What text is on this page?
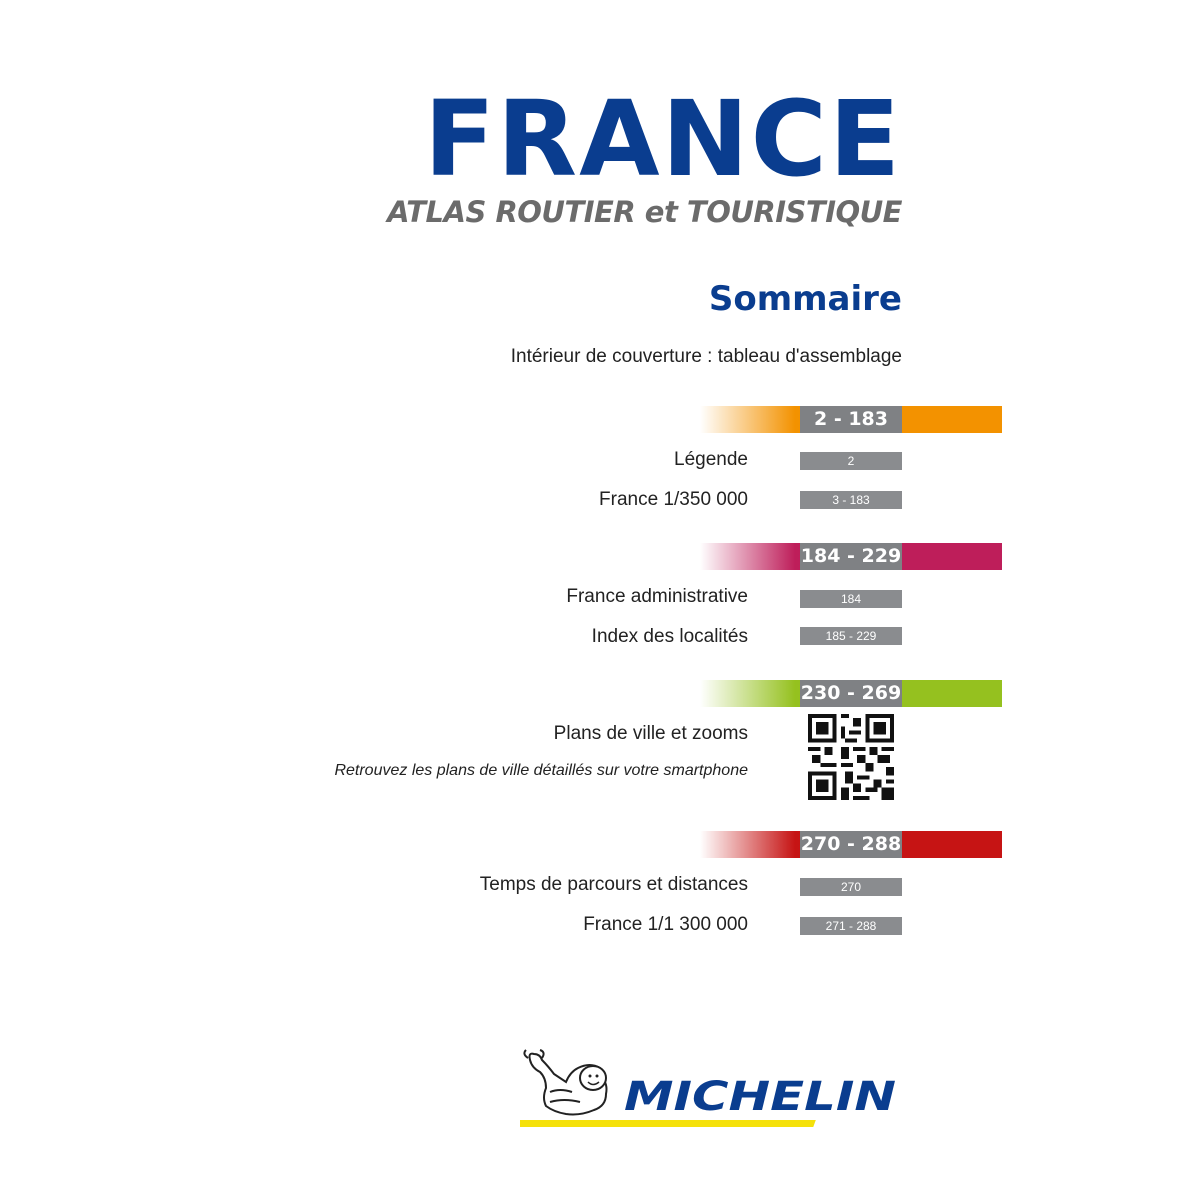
FRANCE
ATLAS ROUTIER et TOURISTIQUE
Sommaire
Intérieur de couverture : tableau d'assemblage
2 - 183
Légende	2
France 1/350 000	3 - 183
184 - 229
France administrative	184
Index des localités	185 - 229
230 - 269
Plans de ville et zooms
Retrouvez les plans de ville détaillés sur votre smartphone
270 - 288
Temps de parcours et distances	270
France 1/1 300 000	271 - 288
MICHELIN
